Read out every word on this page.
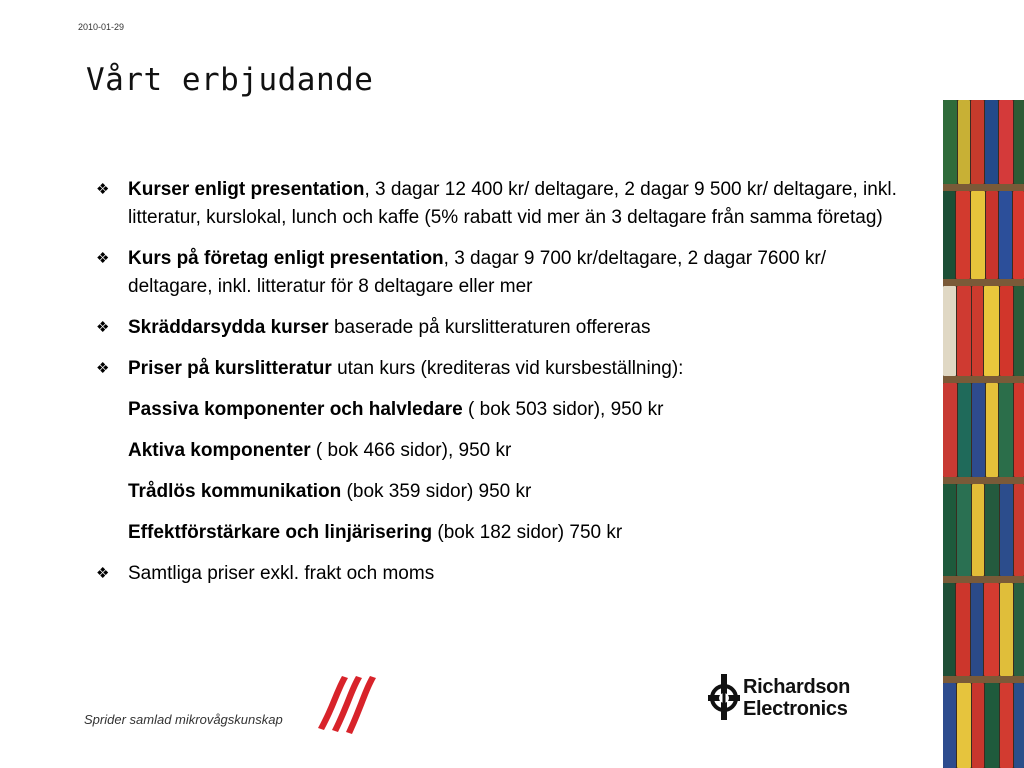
2010-01-29
Vårt erbjudande
❖ Kurser enligt presentation, 3 dagar 12 400 kr/ deltagare, 2 dagar 9 500 kr/ deltagare, inkl. litteratur, kurslokal, lunch och kaffe (5% rabatt vid mer än 3 deltagare från samma företag)
❖ Kurs på företag enligt presentation, 3 dagar 9 700 kr/deltagare, 2 dagar 7600 kr/ deltagare, inkl. litteratur för 8 deltagare eller mer
❖ Skräddarsydda kurser baserade på kurslitteraturen offereras
❖ Priser på kurslitteratur utan kurs (krediteras vid kursbeställning):
Passiva komponenter och halvledare ( bok 503 sidor), 950 kr
Aktiva komponenter ( bok 466 sidor), 950 kr
Trådlös kommunikation (bok 359 sidor) 950 kr
Effektförstärkare och linjärisering (bok 182 sidor) 750 kr
❖ Samtliga priser exkl. frakt och moms
Sprider samlad mikrovågskunskap
Richardson
Electronics
